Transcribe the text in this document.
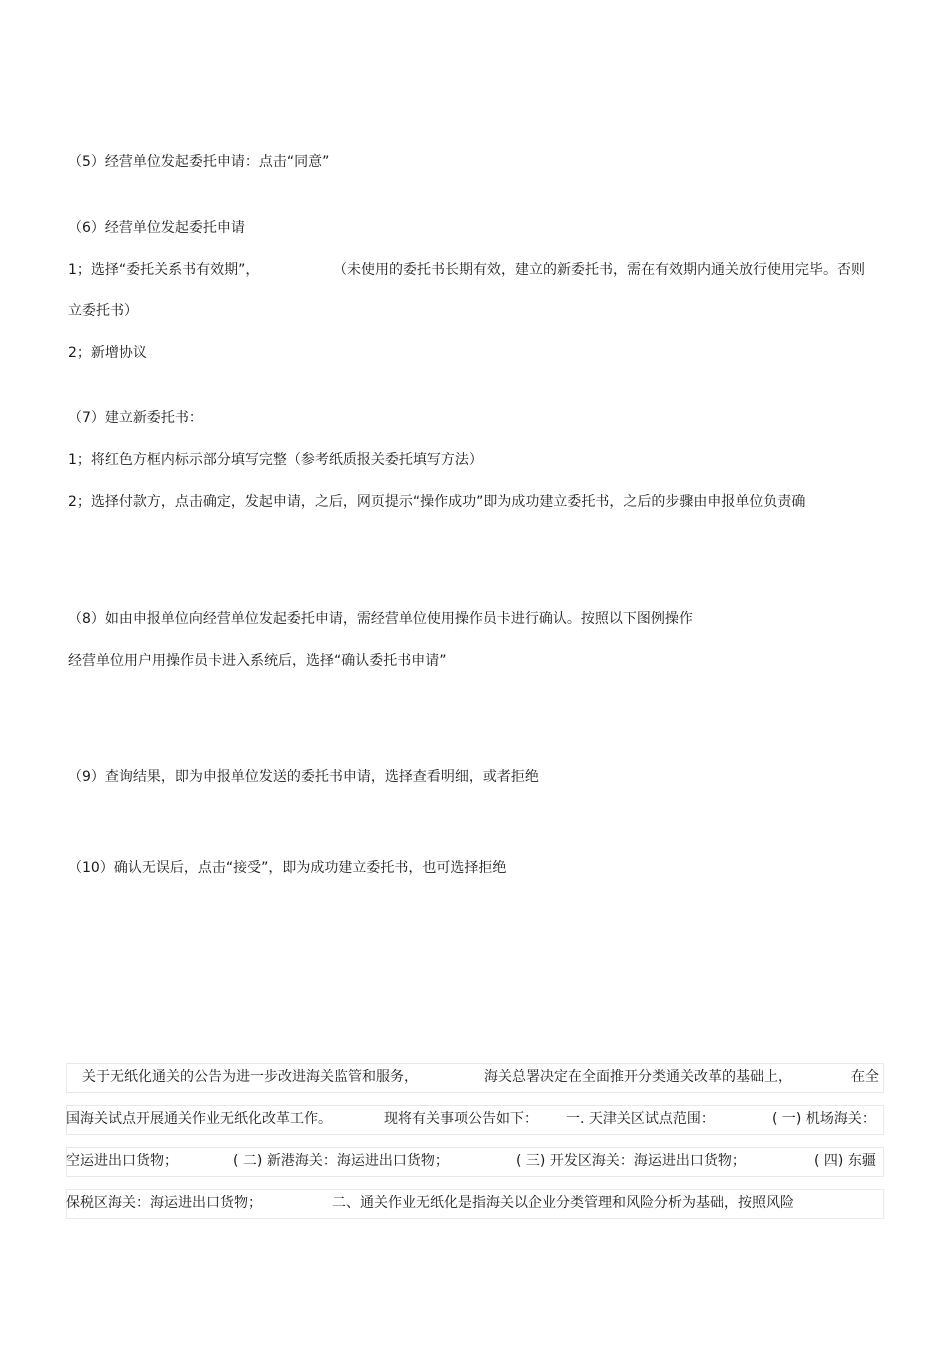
（5）经营单位发起委托申请：点击“同意”
（6）经营单位发起委托申请
1；选择“委托关系书有效期”，	（未使用的委托书长期有效，建立的新委托书，需在有效期内通关放行使用完毕。否则
立委托书）
2；新增协议
（7）建立新委托书：
1；将红色方框内标示部分填写完整（参考纸质报关委托填写方法）
2；选择付款方，点击确定，发起申请，之后，网页提示“操作成功”即为成功建立委托书，之后的步骤由申报单位负责确
（8）如由申报单位向经营单位发起委托申请，需经营单位使用操作员卡进行确认。按照以下图例操作
经营单位用户用操作员卡进入系统后，选择“确认委托书申请”
（9）查询结果，即为申报单位发送的委托书申请，选择查看明细，或者拒绝
（10）确认无误后，点击“接受”，即为成功建立委托书，也可选择拒绝
关于无纸化通关的公告为进一步改进海关监管和服务，	海关总署决定在全面推开分类通关改革的基础上，	在全
国海关试点开展通关作业无纸化改革工作。	现将有关事项公告如下： 一. 天津关区试点范围：	( 一) 机场海关：
空运进出口货物；	( 二) 新港海关：海运进出口货物；	( 三) 开发区海关：海运进出口货物；	( 四) 东疆
保税区海关：海运进出口货物；	二、通关作业无纸化是指海关以企业分类管理和风险分析为基础，按照风险
